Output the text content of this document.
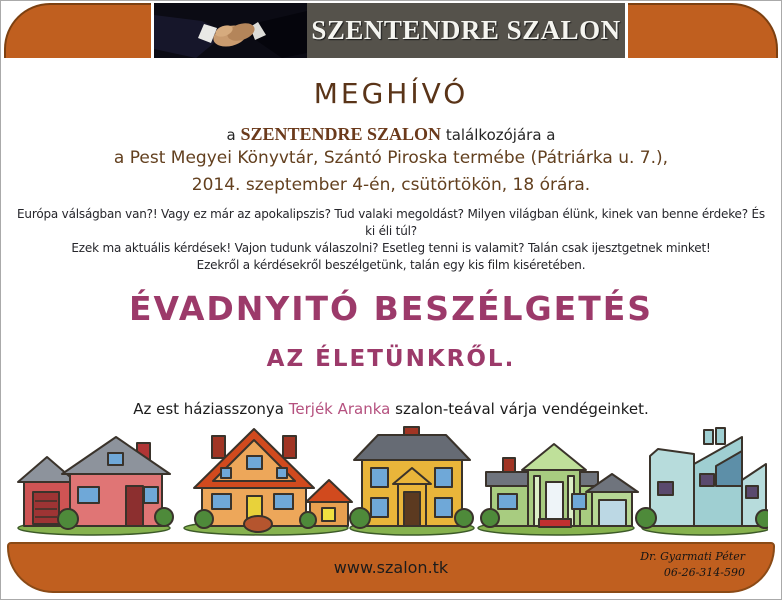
SZENTENDRE SZALON
MEGHÍVÓ
a SZENTENDRE SZALON találkozójára a
a Pest Megyei Könyvtár, Szántó Piroska termébe (Pátriárka u. 7.),
2014. szeptember 4-én, csütörtökön, 18 órára.
Európa válságban van?! Vagy ez már az apokalipszis? Tud valaki megoldást? Milyen világban élünk, kinek van benne érdeke? És ki éli túl?
Ezek ma aktuális kérdések! Vajon tudunk válaszolni? Esetleg tenni is valamit? Talán csak ijesztgetnek minket!
Ezekről a kérdésekről beszélgetünk, talán egy kis film kiséretében.
ÉVADNYITÓ BESZÉLGETÉS
AZ ÉLETÜNKRŐL.
Az est háziasszonya Terjék Aranka szalon-teával várja vendégeinket.
www.szalon.tk
Dr. Gyarmati Péter
06-26-314-590
